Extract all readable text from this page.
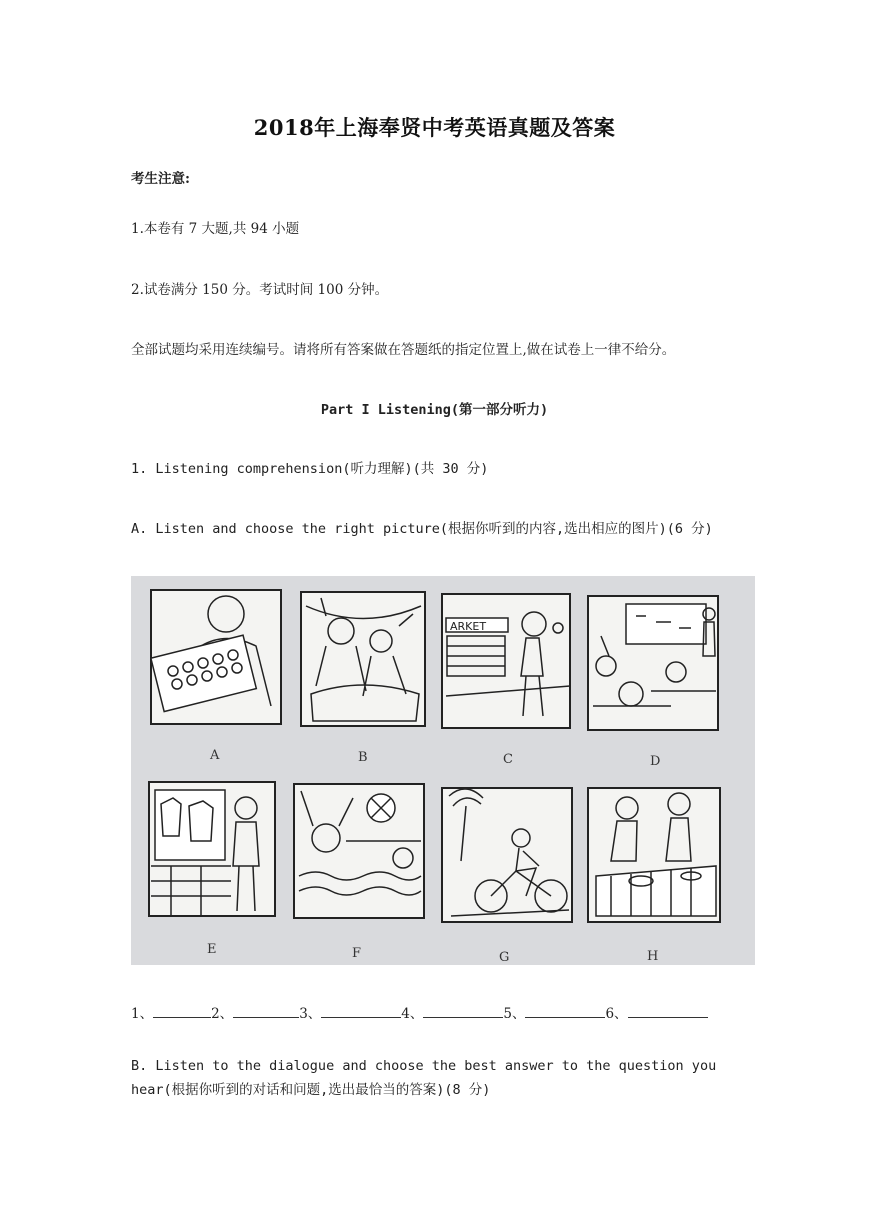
2018年上海奉贤中考英语真题及答案
考生注意:
1.本卷有 7 大题,共 94 小题
2.试卷满分 150 分。考试时间 100 分钟。
全部试题均采用连续编号。请将所有答案做在答题纸的指定位置上,做在试卷上一律不给分。
Part I Listening(第一部分听力)
1. Listening comprehension(听力理解)(共 30 分)
A. Listen and choose the right picture(根据你听到的内容,选出相应的图片)(6 分)
ARKET
A	B	C	D
E	F	G	H
1、	2、	3、	4、	5、	6、
B. Listen to the dialogue and choose the best answer to the question you hear(根据你听到的对话和问题,选出最恰当的答案)(8 分)
